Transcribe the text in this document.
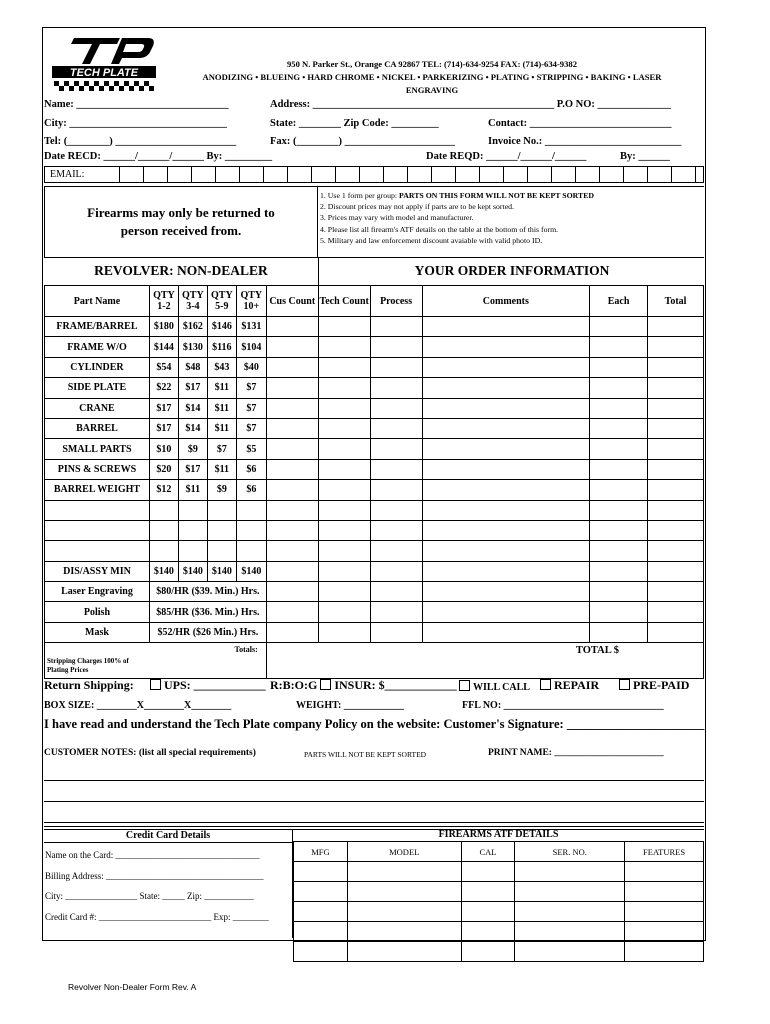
TECH PLATE
950 N. Parker St., Orange CA 92867 TEL: (714)-634-9254 FAX: (714)-634-9382
ANODIZING • BLUEING • HARD CHROME • NICKEL • PARKERIZING • PLATING • STRIPPING • BAKING • LASER
ENGRAVING
Name: _____________________________	Address: ______________________________________________ P.O NO: ______________
City: ______________________________	State: ________ Zip Code: _________	Contact: ___________________________
Tel: (________) _______________________	Fax: (________) _____________________	Invoice No.: __________________________
Date RECD: ______/______/______ By: _________	Date REQD: ______/______/______	By: ______
EMAIL:
Firearms may only be returned to person received from.
1. Use 1 form per group: PARTS ON THIS FORM WILL NOT BE KEPT SORTED
2. Discount prices may not apply if parts are to be kept sorted.
3. Prices may vary with model and manufacturer.
4. Please list all firearm's ATF details on the table at the bottom of this form.
5. Military and law enforcement discount avaiable with valid photo ID.
REVOLVER: NON-DEALER	YOUR ORDER INFORMATION
Part Name	QTY 1-2	QTY 3-4	QTY 5-9	QTY 10+	Cus Count	Tech Count	Process	Comments	Each	Total
FRAME/BARREL	$180	$162	$146	$131						
FRAME W/O	$144	$130	$116	$104						
CYLINDER	$54	$48	$43	$40						
SIDE PLATE	$22	$17	$11	$7						
CRANE	$17	$14	$11	$7						
BARREL	$17	$14	$11	$7						
SMALL PARTS	$10	$9	$7	$5						
PINS & SCREWS	$20	$17	$11	$6						
BARREL WEIGHT	$12	$11	$9	$6						

DIS/ASSY MIN	$140	$140	$140	$140						
Laser Engraving	$80/HR ($39. Min.) Hrs.									
Polish	$85/HR ($36. Min.) Hrs.									
Mask	$52/HR ($26 Min.) Hrs.									

Stripping Charges 100% of Plating Prices
Totals:					TOTAL $					
Return Shipping:	UPS: ____________ R:B:O:G INSUR: $____________	WILL CALL	REPAIR	PRE-PAID
BOX SIZE: ________X________X________	WEIGHT: ____________	FFL NO: ________________________________
I have read and understand the Tech Plate company Policy on the website: Customer's Signature: ______________________
CUSTOMER NOTES: (list all special requirements)	PARTS WILL NOT BE KEPT SORTED	PRINT NAME: _______________________
Credit Card Details
Name on the Card: ________________________________
Billing Address: ___________________________________
City: ________________ State: _____ Zip: ___________
Credit Card #: _________________________ Exp: ________
FIREARMS ATF DETAILS
MFG	MODEL	CAL	SER. NO.	FEATURES

Revolver Non-Dealer Form Rev. A
